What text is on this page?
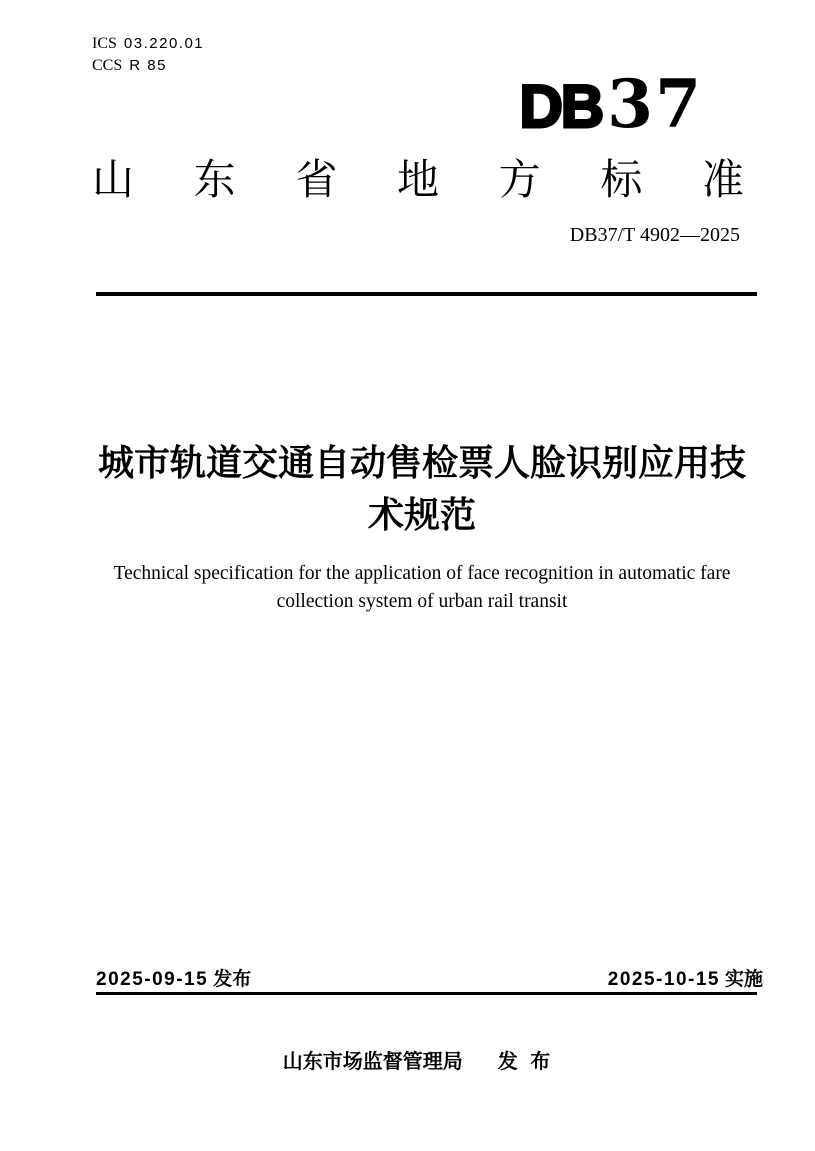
ICS 03.220.01
CCS R 85
DB 37
山东省地方标准
DB37/T 4902—2025
城市轨道交通自动售检票人脸识别应用技
术规范
Technical specification for the application of face recognition in automatic fare
collection system of urban rail transit
2025-09-15 发布	2025-10-15 实施
山东市场监督管理局 发 布
